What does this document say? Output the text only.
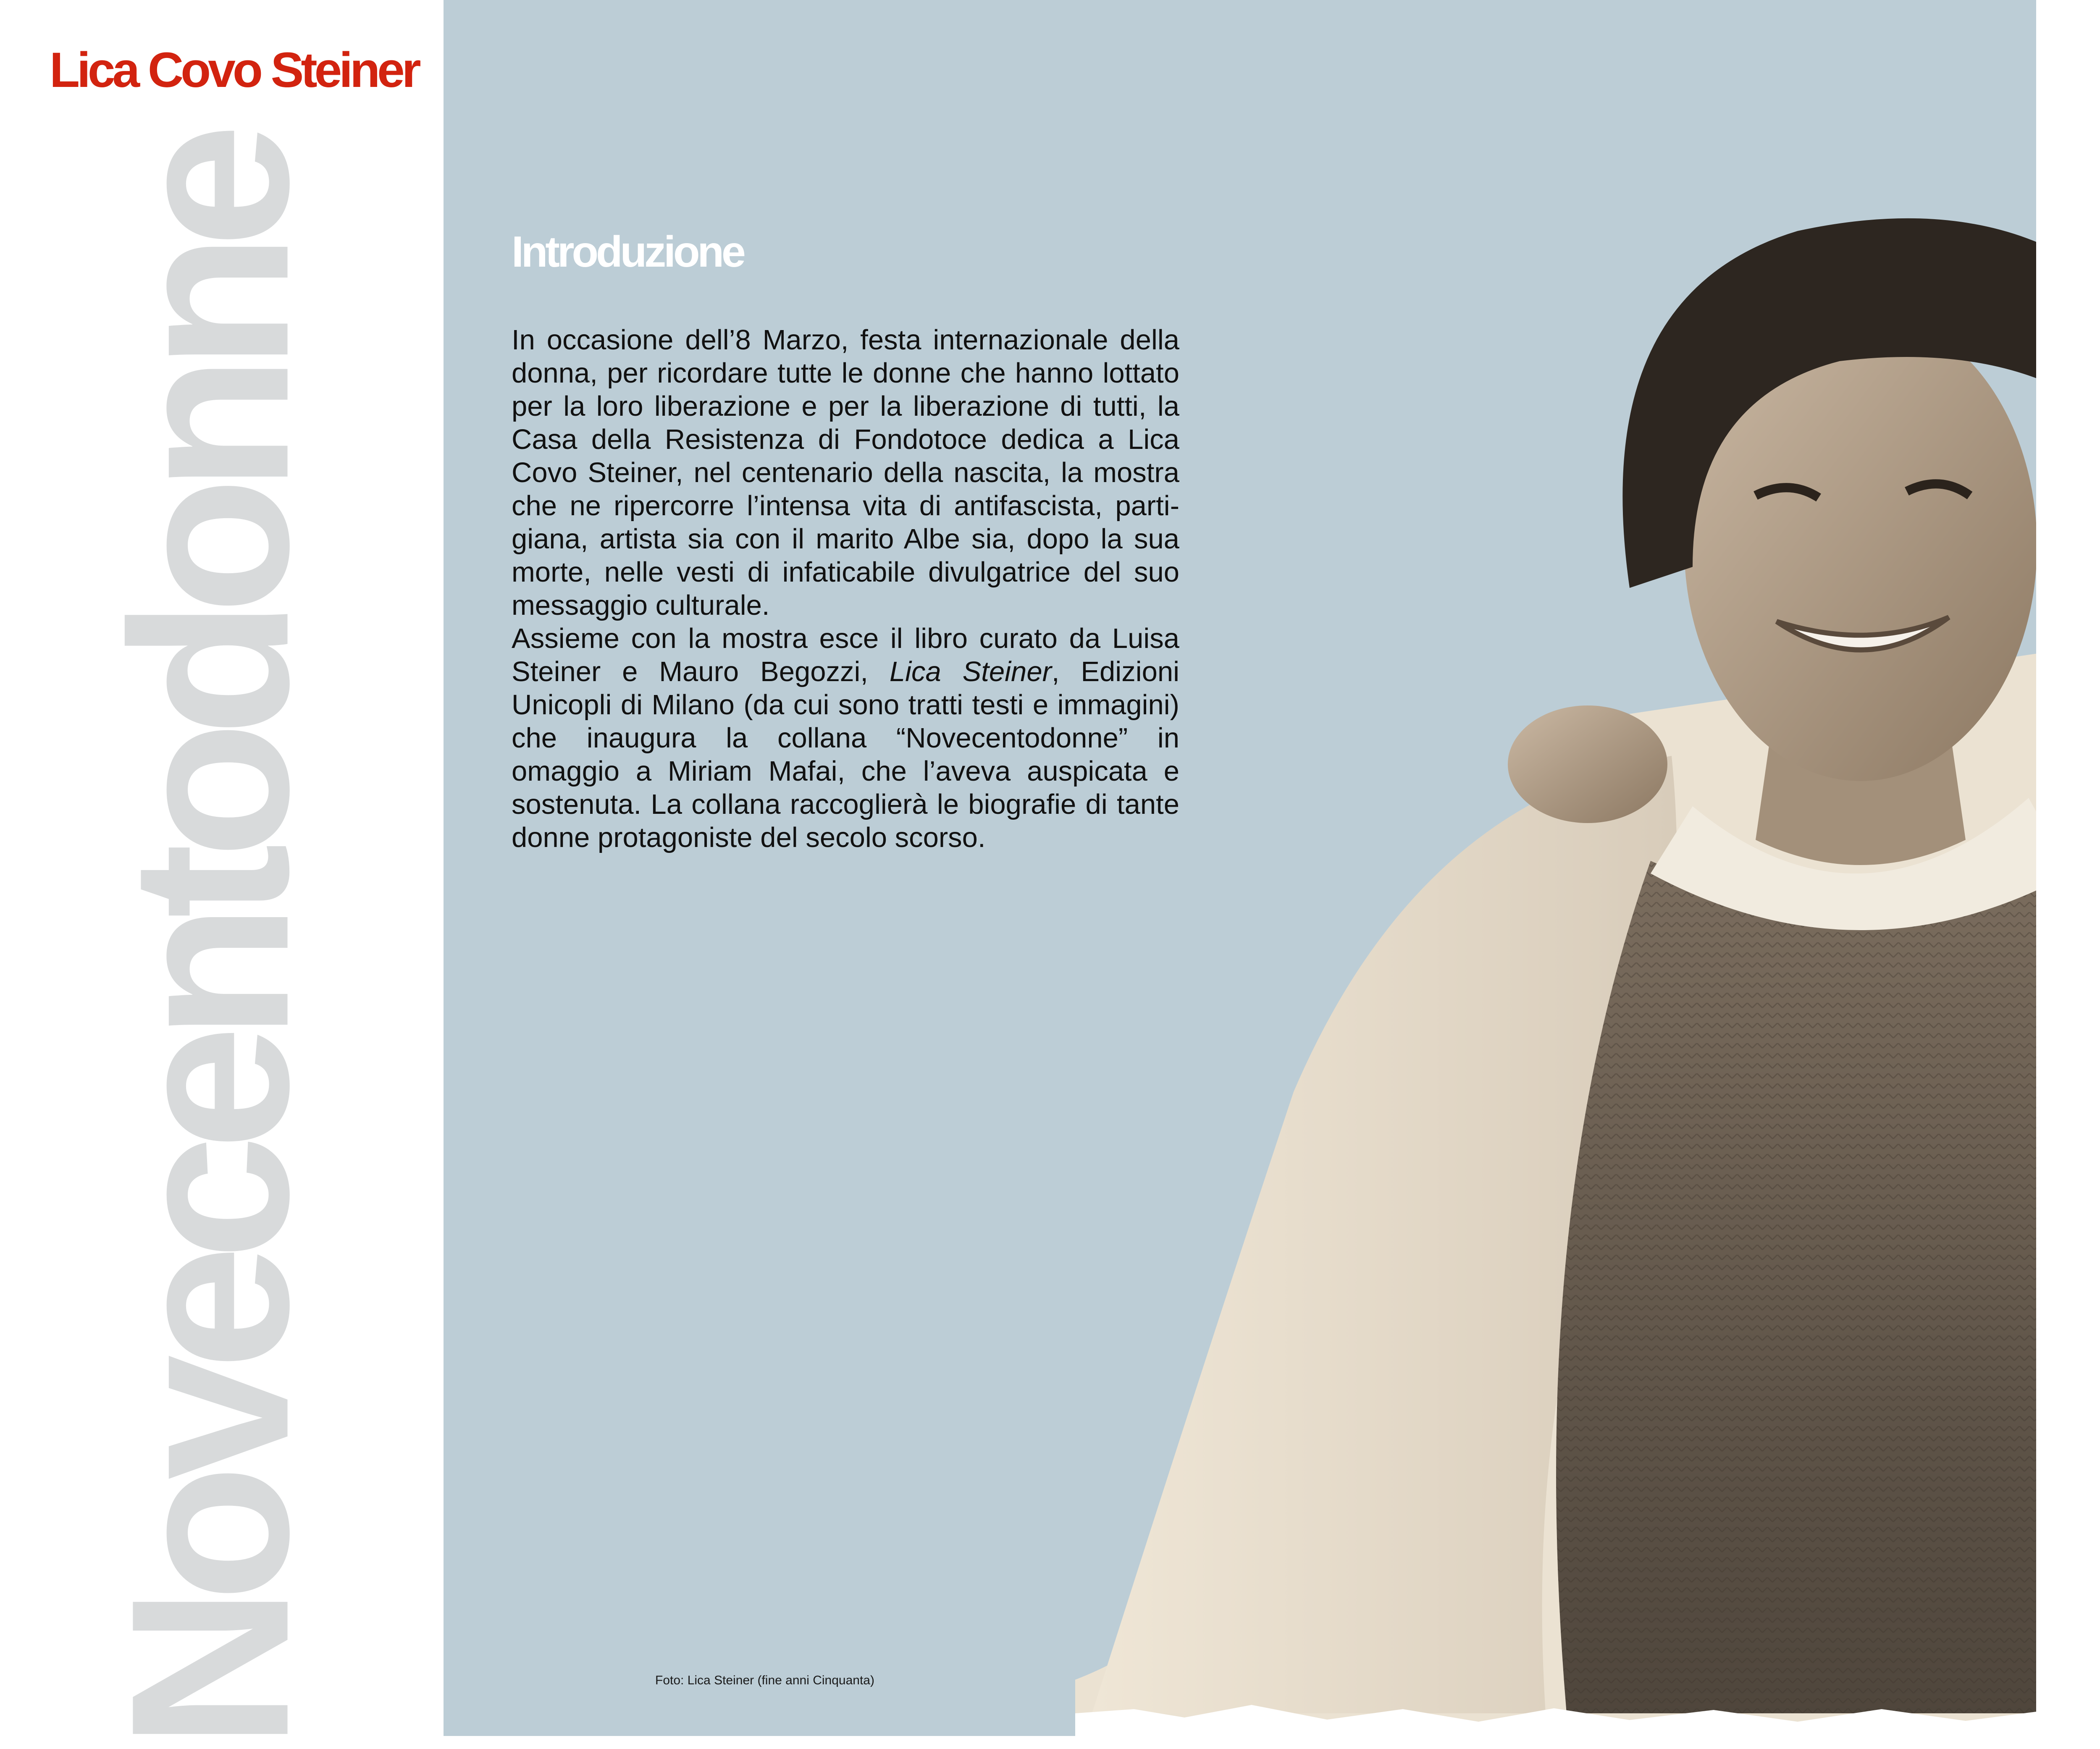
Lica Covo Steiner
Novecentodonne	Introduzione

In occasione dell’8 Marzo, festa internazionale della donna, per ricordare tutte le donne che hanno lottato per la loro liberazione e per la liberazione di tutti, la Casa della Resistenza di Fondotoce dedica a Lica Covo Steiner, nel centenario della nascita, la mostra che ne ripercorre l’intensa vita di antifascista, partigiana, artista sia con il marito Albe sia, dopo la sua morte, nelle vesti di infaticabile divulgatrice del suo messaggio culturale.

Assieme con la mostra esce il libro curato da Luisa Steiner e Mauro Begozzi, Lica Steiner, Edizioni Unicopli di Milano (da cui sono tratti testi e immagini) che inaugura la collana “Novecentodonne” in omaggio a Miriam Mafai, che l’aveva auspicata e sostenuta. La collana raccoglierà le biografie di tante donne protagoniste del secolo scorso.

Foto: Lica Steiner (fine anni Cinquanta)
